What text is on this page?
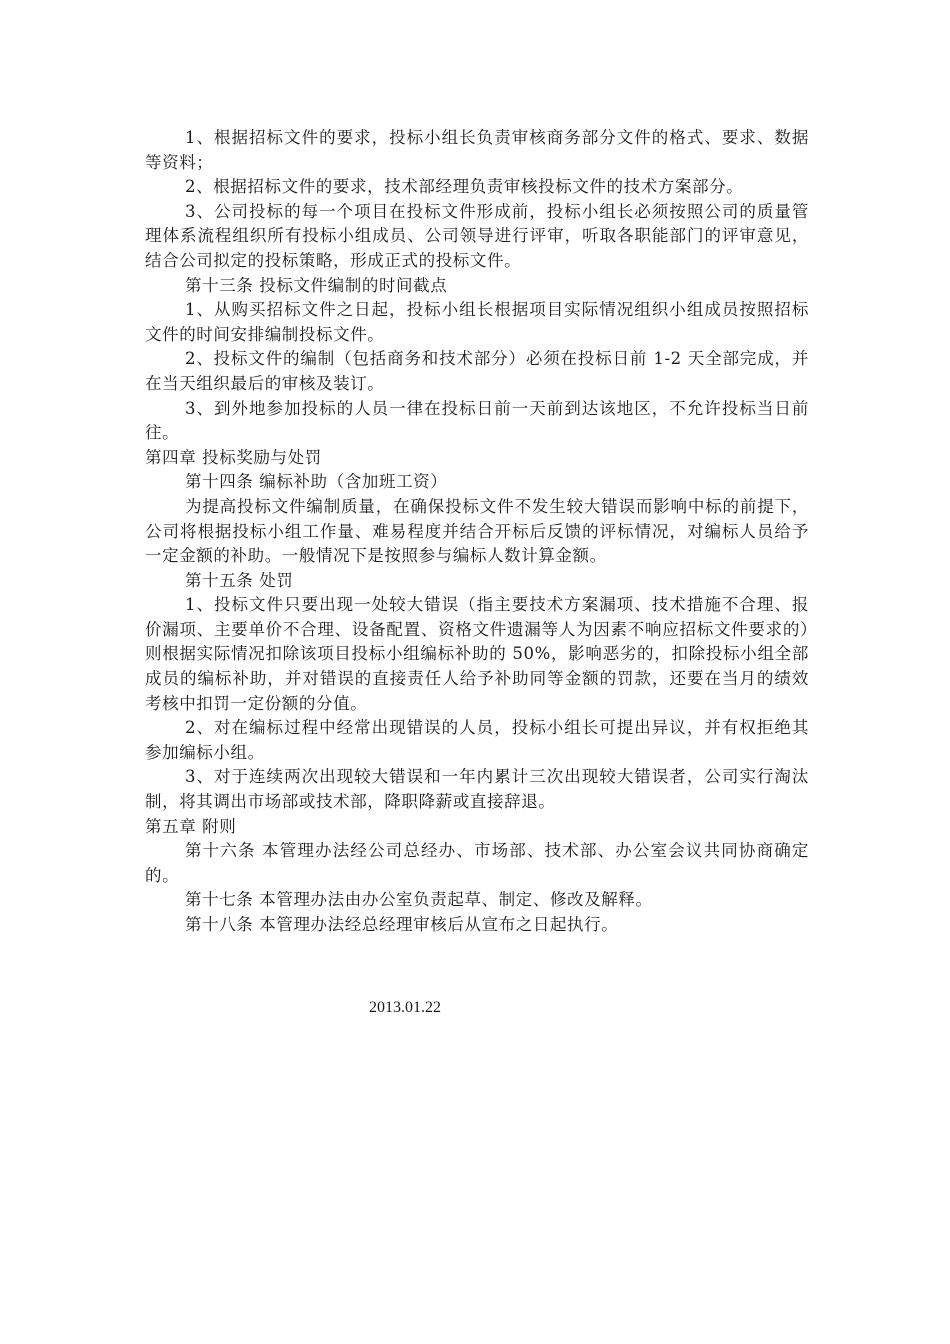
1、根据招标文件的要求，投标小组长负责审核商务部分文件的格式、要求、数据等资料；

2、根据招标文件的要求，技术部经理负责审核投标文件的技术方案部分。

3、公司投标的每一个项目在投标文件形成前，投标小组长必须按照公司的质量管理体系流程组织所有投标小组成员、公司领导进行评审，听取各职能部门的评审意见，结合公司拟定的投标策略，形成正式的投标文件。

第十三条 投标文件编制的时间截点

1、从购买招标文件之日起，投标小组长根据项目实际情况组织小组成员按照招标文件的时间安排编制投标文件。

2、投标文件的编制（包括商务和技术部分）必须在投标日前 1-2 天全部完成，并在当天组织最后的审核及装订。

3、到外地参加投标的人员一律在投标日前一天前到达该地区，不允许投标当日前往。

第四章 投标奖励与处罚

第十四条 编标补助（含加班工资）

为提高投标文件编制质量，在确保投标文件不发生较大错误而影响中标的前提下，公司将根据投标小组工作量、难易程度并结合开标后反馈的评标情况，对编标人员给予一定金额的补助。一般情况下是按照参与编标人数计算金额。

第十五条 处罚

1、投标文件只要出现一处较大错误（指主要技术方案漏项、技术措施不合理、报价漏项、主要单价不合理、设备配置、资格文件遗漏等人为因素不响应招标文件要求的）则根据实际情况扣除该项目投标小组编标补助的 50%，影响恶劣的，扣除投标小组全部成员的编标补助，并对错误的直接责任人给予补助同等金额的罚款，还要在当月的绩效考核中扣罚一定份额的分值。

2、对在编标过程中经常出现错误的人员，投标小组长可提出异议，并有权拒绝其参加编标小组。

3、对于连续两次出现较大错误和一年内累计三次出现较大错误者，公司实行淘汰制，将其调出市场部或技术部，降职降薪或直接辞退。

第五章 附则

第十六条 本管理办法经公司总经办、市场部、技术部、办公室会议共同协商确定的。

第十七条 本管理办法由办公室负责起草、制定、修改及解释。

第十八条 本管理办法经总经理审核后从宣布之日起执行。

2013.01.22
